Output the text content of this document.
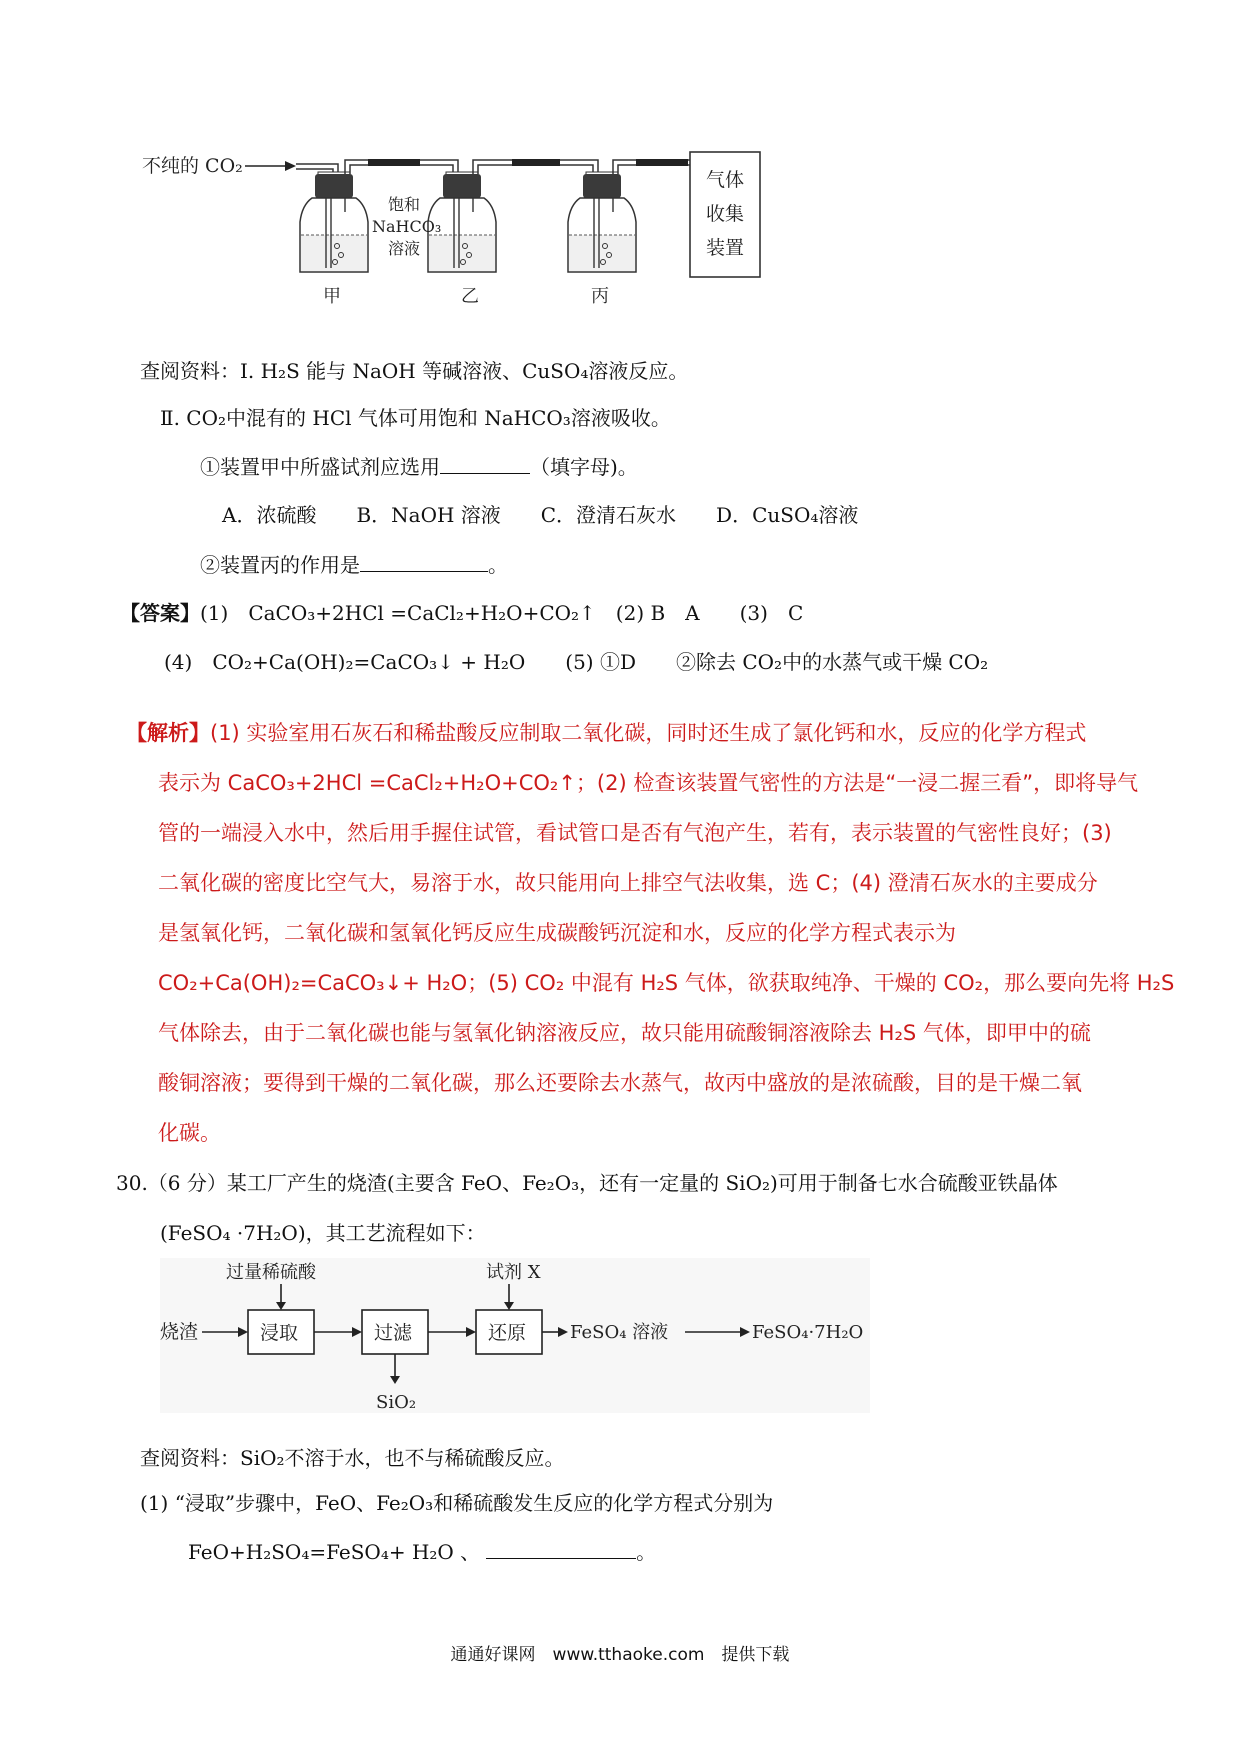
不纯的 CO₂
饱和
NaHCO₃
溶液
气体
收集
装置
甲	乙	丙
查阅资料：I. H₂S 能与 NaOH 等碱溶液、CuSO₄溶液反应。
Ⅱ. CO₂中混有的 HCl 气体可用饱和 NaHCO₃溶液吸收。
①装置甲中所盛试剂应选用	（填字母)。
A．浓硫酸　　B．NaOH 溶液　　C．澄清石灰水　　D．CuSO₄溶液
②装置丙的作用是	。
【答案】(1)　CaCO₃+2HCl =CaCl₂+H₂O+CO₂↑　(2) B　A　　(3)　C
(4)　CO₂+Ca(OH)₂=CaCO₃↓ + H₂O　　(5) ①D　　②除去 CO₂中的水蒸气或干燥 CO₂
【解析】(1) 实验室用石灰石和稀盐酸反应制取二氧化碳，同时还生成了氯化钙和水，反应的化学方程式
表示为 CaCO₃+2HCl =CaCl₂+H₂O+CO₂↑；(2) 检查该装置气密性的方法是“一浸二握三看”，即将导气
管的一端浸入水中，然后用手握住试管，看试管口是否有气泡产生，若有，表示装置的气密性良好；(3)
二氧化碳的密度比空气大，易溶于水，故只能用向上排空气法收集，选 C；(4) 澄清石灰水的主要成分
是氢氧化钙，二氧化碳和氢氧化钙反应生成碳酸钙沉淀和水，反应的化学方程式表示为
CO₂+Ca(OH)₂=CaCO₃↓+ H₂O；(5) CO₂ 中混有 H₂S 气体，欲获取纯净、干燥的 CO₂，那么要向先将 H₂S
气体除去，由于二氧化碳也能与氢氧化钠溶液反应，故只能用硫酸铜溶液除去 H₂S 气体，即甲中的硫
酸铜溶液；要得到干燥的二氧化碳，那么还要除去水蒸气，故丙中盛放的是浓硫酸，目的是干燥二氧
化碳。
30.（6 分）某工厂产生的烧渣(主要含 FeO、Fe₂O₃，还有一定量的 SiO₂)可用于制备七水合硫酸亚铁晶体
(FeSO₄ ·7H₂O)，其工艺流程如下：
烧渣	浸取
过量稀硫酸
过滤
SiO₂
还原
试剂 X
FeSO₄ 溶液	FeSO₄·7H₂O
查阅资料：SiO₂不溶于水，也不与稀硫酸反应。
(1) “浸取”步骤中，FeO、Fe₂O₃和稀硫酸发生反应的化学方程式分别为
FeO+H₂SO₄=FeSO₄+ H₂O 、	。
通通好课网　www.tthaoke.com　提供下载
